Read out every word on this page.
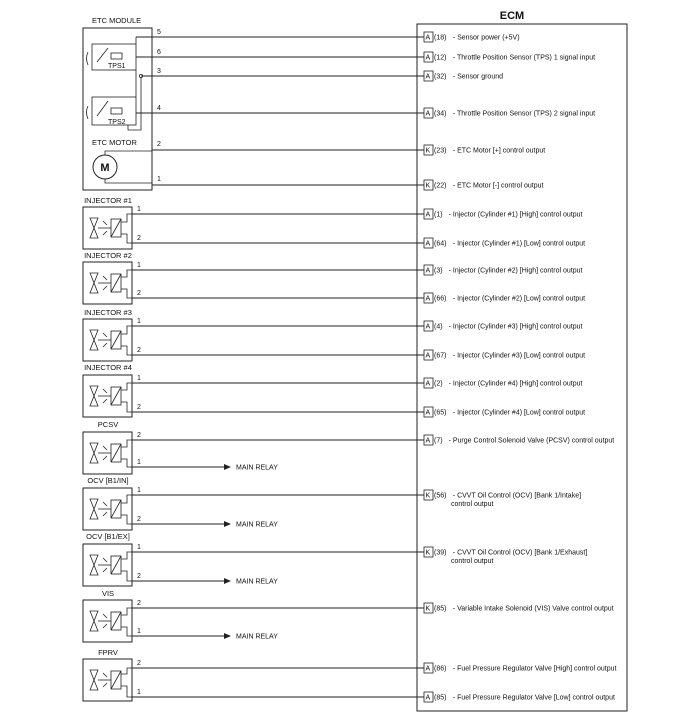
ECM
ETC MODULE
TPS1
TPS2
ETC MOTOR
M
5
6
3
4
2
1
A (18) - Sensor power (+5V)
A (12) - Throttle Position Sensor (TPS) 1 signal input
A (32) - Sensor ground
A (34) - Throttle Position Sensor (TPS) 2 signal input
K (23) - ETC Motor [+] control output
K (22) - ETC Motor [-] control output
A (1) - Injector (Cylinder #1) [High] control output
A (64) - Injector (Cylinder #1) [Low] control output
A (3) - Injector (Cylinder #2) [High] control output
A (66) - Injector (Cylinder #2) [Low] control output
A (4) - Injector (Cylinder #3) [High] control output
A (67) - Injector (Cylinder #3) [Low] control output
A (2) - Injector (Cylinder #4) [High] control output
A (65) - Injector (Cylinder #4) [Low] control output
A (7) - Purge Control Solenoid Valve (PCSV) control output
K (56) - CVVT Oil Control (OCV) [Bank 1/Intake]
control output
K (39) - CVVT Oil Control (OCV) [Bank 1/Exhaust]
control output
K (85) - Variable Intake Solenoid (VIS) Valve control output
A (86) - Fuel Pressure Regulator Valve [High] control output
A (85) - Fuel Pressure Regulator Valve [Low] control output
INJECTOR #1
1
2
INJECTOR #2
1
2
INJECTOR #3
1
2
INJECTOR #4
1
2
PCSV
2
1
MAIN RELAY
OCV [B1/IN]
1
2
MAIN RELAY
OCV [B1/EX]
1
2
MAIN RELAY
VIS
2
1
MAIN RELAY
FPRV
2
1
